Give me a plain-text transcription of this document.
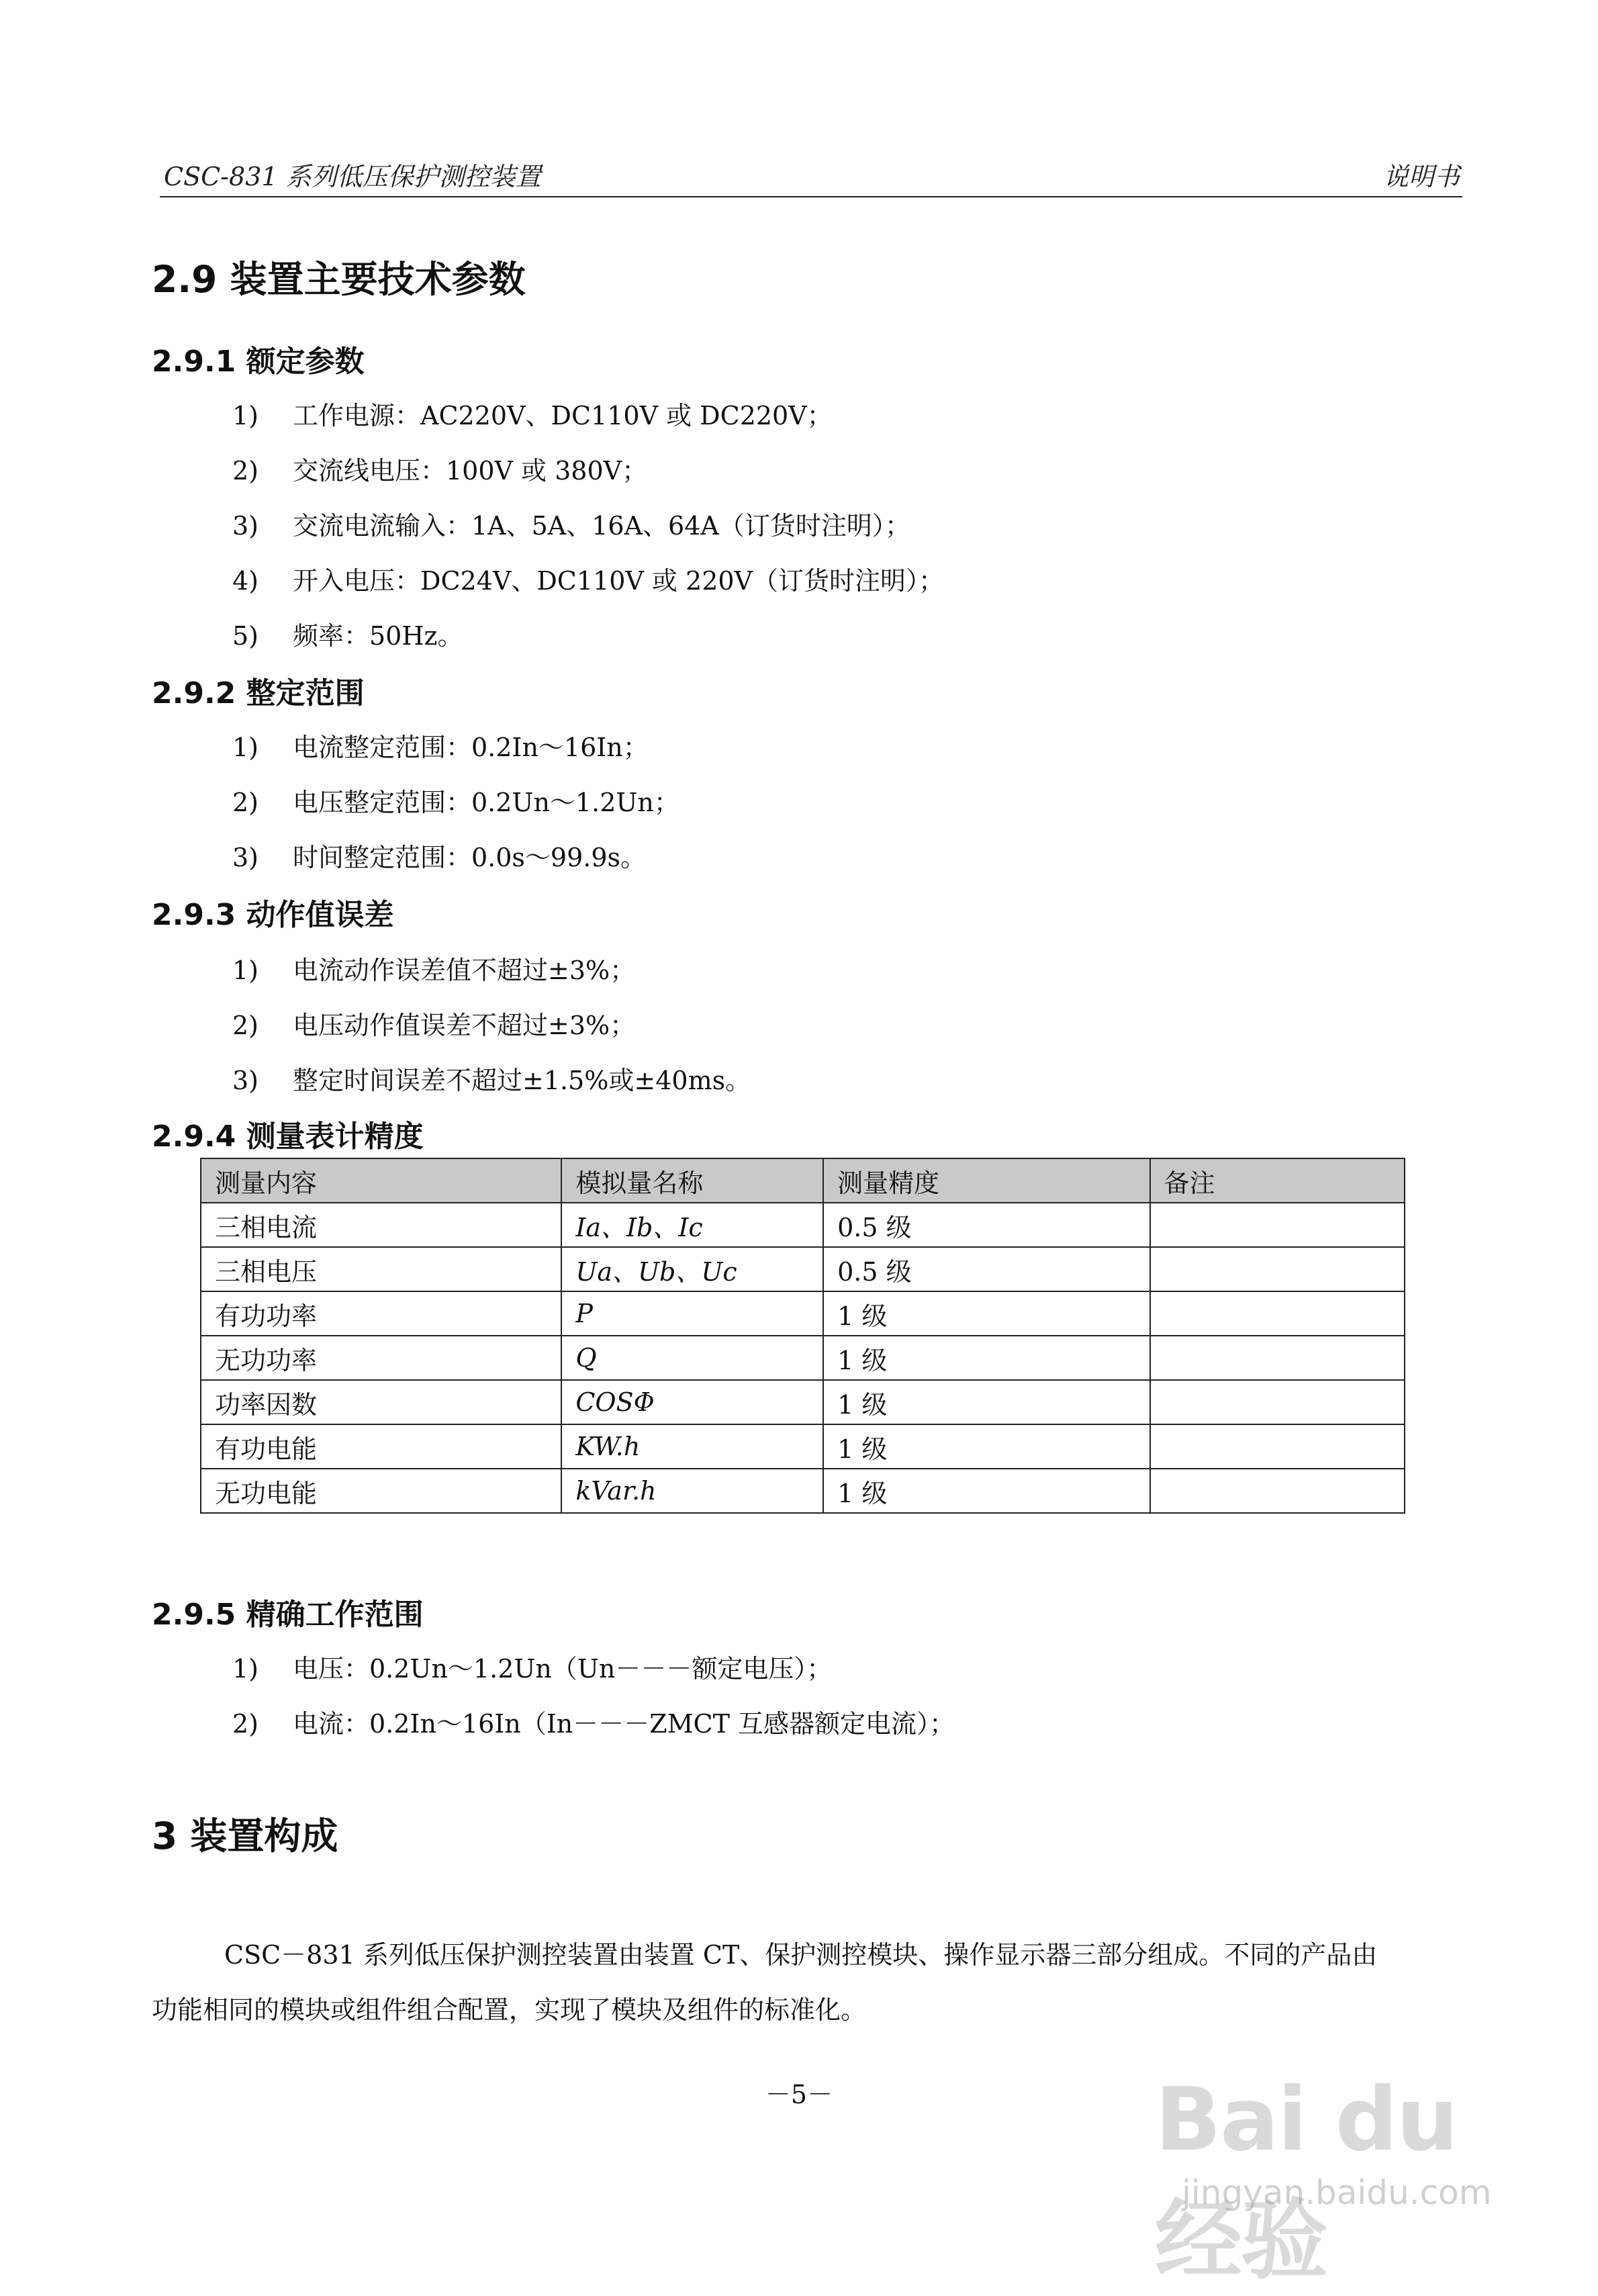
CSC-831 系列低压保护测控装置	说明书
2.9 装置主要技术参数
2.9.1 额定参数
1) 工作电源：AC220V、DC110V 或 DC220V；
2) 交流线电压：100V 或 380V；
3) 交流电流输入：1A、5A、16A、64A（订货时注明）；
4) 开入电压：DC24V、DC110V 或 220V（订货时注明）；
5) 频率：50Hz。
2.9.2 整定范围
1) 电流整定范围：0.2In～16In；
2) 电压整定范围：0.2Un～1.2Un；
3) 时间整定范围：0.0s～99.9s。
2.9.3 动作值误差
1) 电流动作误差值不超过±3%；
2) 电压动作值误差不超过±3%；
3) 整定时间误差不超过±1.5%或±40ms。
2.9.4 测量表计精度
测量内容	模拟量名称	测量精度	备注
三相电流	Ia、Ib、Ic	0.5 级	
三相电压	Ua、Ub、Uc	0.5 级	
有功功率	P	1 级	
无功功率	Q	1 级	
功率因数	COSΦ	1 级	
有功电能	KW.h	1 级	
无功电能	kVar.h	1 级	
2.9.5 精确工作范围
1) 电压：0.2Un～1.2Un（Un－－－额定电压）；
2) 电流：0.2In～16In（In－－－ZMCT 互感器额定电流）；
3 装置构成
CSC－831 系列低压保护测控装置由装置 CT、保护测控模块、操作显示器三部分组成。不同的产品由
功能相同的模块或组件组合配置，实现了模块及组件的标准化。
－5－	Bai du 经验
jingyan.baidu.com
